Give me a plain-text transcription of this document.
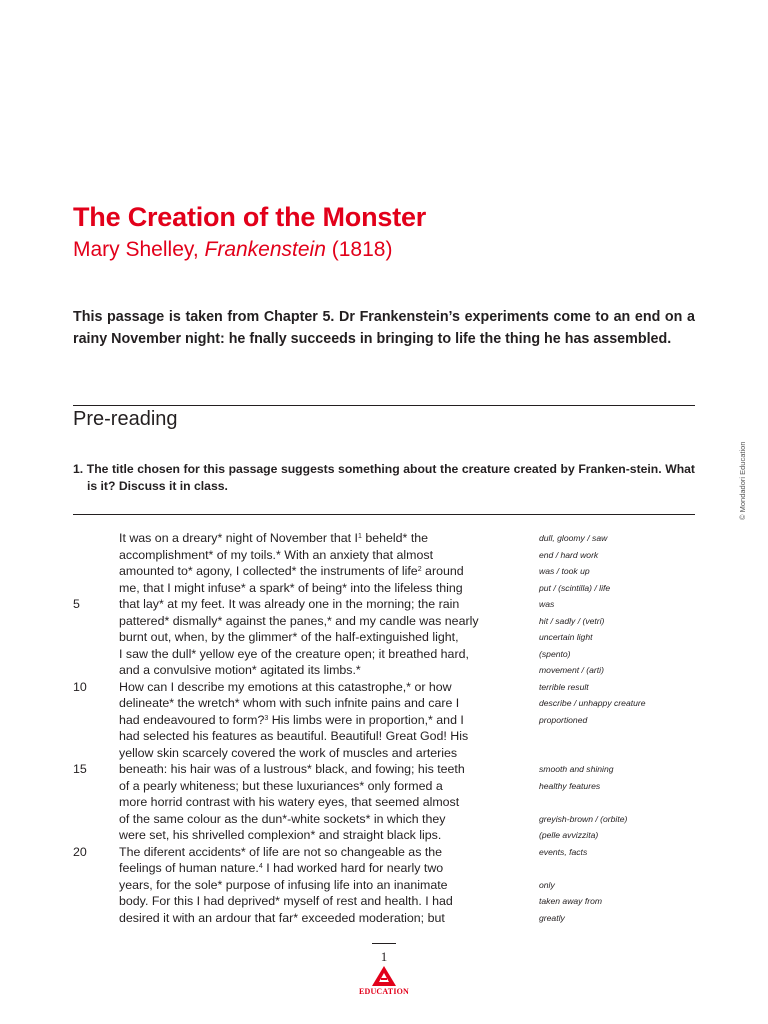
The Creation of the Monster
Mary Shelley, Frankenstein (1818)

This passage is taken from Chapter 5. Dr Frankenstein’s experiments come to an end on a rainy November night: he fnally succeeds in bringing to life the thing he has assembled.

Pre-reading

1. The title chosen for this passage suggests something about the creature created by Franken-stein. What is it? Discuss it in class.	© Mondadori Education
It was on a dreary* night of November that $I^1$ beheld* the	dull, gloomy / saw
accomplishment* of my toils.* With an anxiety that almost	end / hard work
amounted to* agony, I collected* the instruments of life$^2$ around	was / took up
me, that I might infuse* a spark* of being* into the lifeless thing	put / (scintilla) / life
5	that lay* at my feet. It was already one in the morning; the rain	was
pattered* dismally* against the panes,* and my candle was nearly	hit / sadly / (vetri)
burnt out, when, by the glimmer* of the half-extinguished light,	uncertain light
I saw the dull* yellow eye of the creature open; it breathed hard,	(spento)
and a convulsive motion* agitated its limbs.*	movement / (arti)
10	How can I describe my emotions at this catastrophe,* or how	terrible result
delineate* the wretch* whom with such infnite pains and care I	describe / unhappy creature
had endeavoured to form?$^3$ His limbs were in proportion,* and I	proportioned
had selected his features as beautiful. Beautiful! Great God! His
yellow skin scarcely covered the work of muscles and arteries
15	beneath: his hair was of a lustrous* black, and fowing; his teeth	smooth and shining
of a pearly whiteness; but these luxuriances* only formed a	healthy features
more horrid contrast with his watery eyes, that seemed almost
of the same colour as the dun*-white sockets* in which they	greyish-brown / (orbite)
were set, his shrivelled complexion* and straight black lips.	(pelle avvizzita)
20	The diferent accidents* of life are not so changeable as the	events, facts
feelings of human nature.$^4$ I had worked hard for nearly two
years, for the sole* purpose of infusing life into an inanimate	only
body. For this I had deprived* myself of rest and health. I had	taken away from
desired it with an ardour that far* exceeded moderation; but	greatly
1
EDUCATION
